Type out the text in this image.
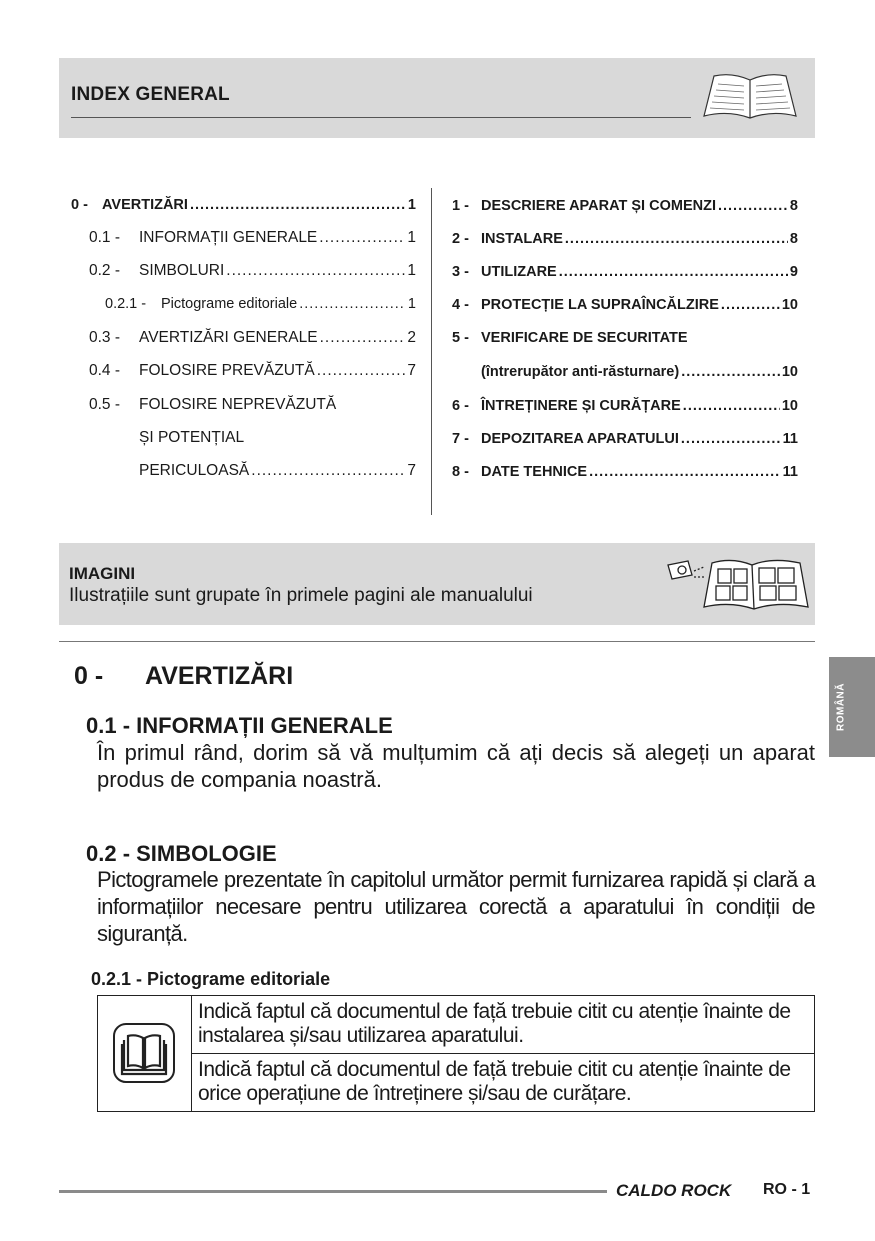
INDEX GENERAL
0 - AVERTIZĂRI .....	1
0.1 -	INFORMAȚII GENERALE .....	1
0.2 -	SIMBOLURI .....	1
0.2.1 -	Pictograme editoriale .....	1
0.3 -	AVERTIZĂRI GENERALE .....	2
0.4 -	FOLOSIRE PREVĂZUTĂ .....	7
0.5 -	FOLOSIRE NEPREVĂZUTĂ
ȘI POTENȚIAL
PERICULOASĂ .....	7
1 - DESCRIERE APARAT ȘI COMENZI .....	8
2 - INSTALARE .....	8
3 - UTILIZARE .....	9
4 - PROTECȚIE LA SUPRAÎNCĂLZIRE .....	10
5 - VERIFICARE DE SECURITATE
(întrerupător anti-răsturnare) .....	10
6 - ÎNTREȚINERE ȘI CURĂȚARE .....	10
7 - DEPOZITAREA APARATULUI .....	11
8 - DATE TEHNICE .....	11
IMAGINI
Ilustrațiile sunt grupate în primele pagini ale manualului
ROMÂNĂ
0 - AVERTIZĂRI
0.1 - INFORMAȚII GENERALE
În primul rând, dorim să vă mulțumim că ați decis să alegeți un aparat produs de compania noastră.
0.2 - SIMBOLOGIE
Pictogramele prezentate în capitolul următor permit furnizarea rapidă și clară a informațiilor necesare pentru utilizarea corectă a aparatului în condiții de siguranță.
0.2.1 - Pictograme editoriale
Indică faptul că documentul de față trebuie citit cu atenție înainte de instalarea și/sau utilizarea aparatului.
Indică faptul că documentul de față trebuie citit cu atenție înainte de orice operațiune de întreținere și/sau de curățare.
CALDO ROCK RO - 1
